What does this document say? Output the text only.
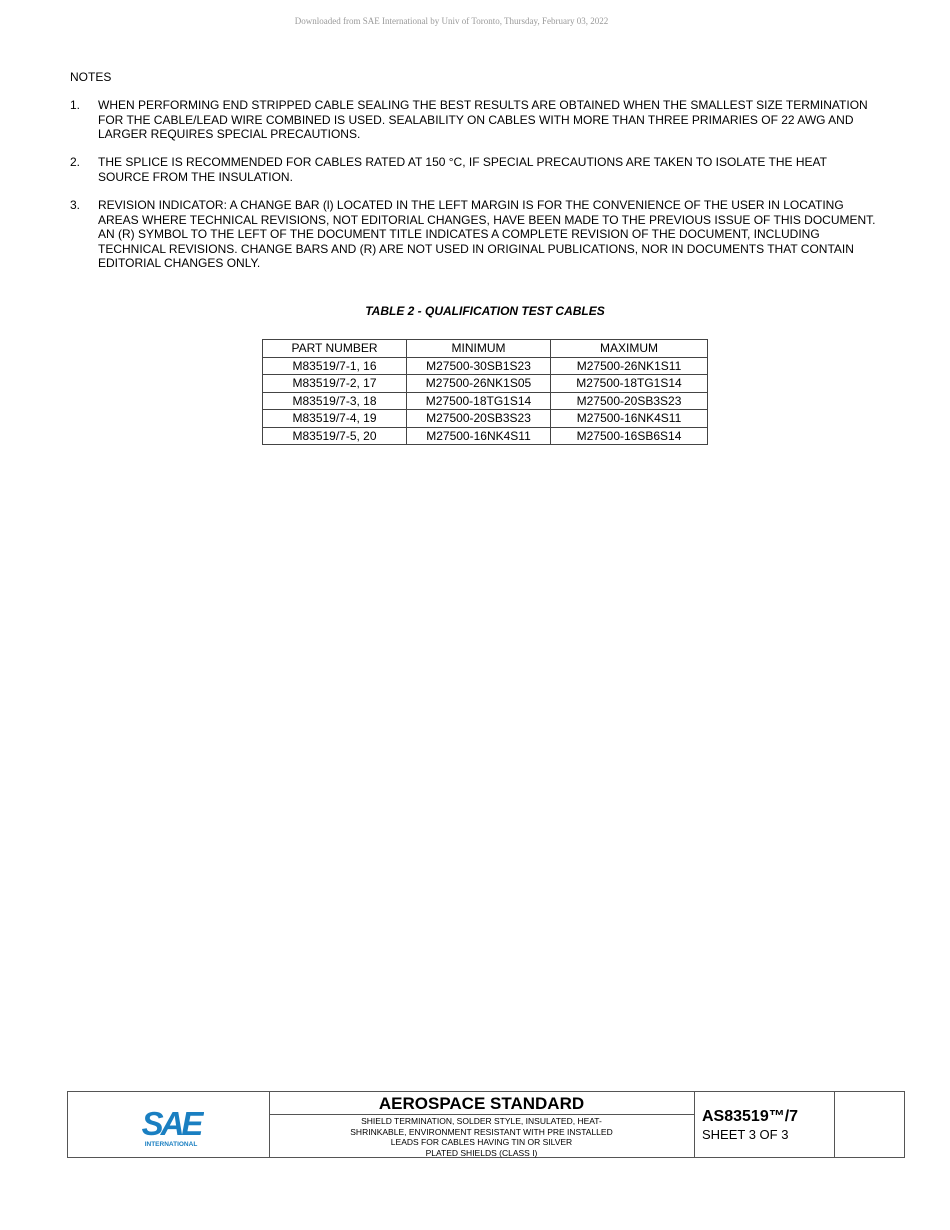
Downloaded from SAE International by Univ of Toronto, Thursday, February 03, 2022
NOTES
1. WHEN PERFORMING END STRIPPED CABLE SEALING THE BEST RESULTS ARE OBTAINED WHEN THE SMALLEST SIZE TERMINATION FOR THE CABLE/LEAD WIRE COMBINED IS USED. SEALABILITY ON CABLES WITH MORE THAN THREE PRIMARIES OF 22 AWG AND LARGER REQUIRES SPECIAL PRECAUTIONS.
2. THE SPLICE IS RECOMMENDED FOR CABLES RATED AT 150 °C, IF SPECIAL PRECAUTIONS ARE TAKEN TO ISOLATE THE HEAT SOURCE FROM THE INSULATION.
3. REVISION INDICATOR: A CHANGE BAR (l) LOCATED IN THE LEFT MARGIN IS FOR THE CONVENIENCE OF THE USER IN LOCATING AREAS WHERE TECHNICAL REVISIONS, NOT EDITORIAL CHANGES, HAVE BEEN MADE TO THE PREVIOUS ISSUE OF THIS DOCUMENT. AN (R) SYMBOL TO THE LEFT OF THE DOCUMENT TITLE INDICATES A COMPLETE REVISION OF THE DOCUMENT, INCLUDING TECHNICAL REVISIONS. CHANGE BARS AND (R) ARE NOT USED IN ORIGINAL PUBLICATIONS, NOR IN DOCUMENTS THAT CONTAIN EDITORIAL CHANGES ONLY.
TABLE 2 - QUALIFICATION TEST CABLES
PART NUMBER	MINIMUM	MAXIMUM
M83519/7-1, 16	M27500-30SB1S23	M27500-26NK1S11
M83519/7-2, 17	M27500-26NK1S05	M27500-18TG1S14
M83519/7-3, 18	M27500-18TG1S14	M27500-20SB3S23
M83519/7-4, 19	M27500-20SB3S23	M27500-16NK4S11
M83519/7-5, 20	M27500-16NK4S11	M27500-16SB6S14
SAE
INTERNATIONAL
AEROSPACE STANDARD
SHIELD TERMINATION, SOLDER STYLE, INSULATED, HEAT-
SHRINKABLE, ENVIRONMENT RESISTANT WITH PRE INSTALLED
LEADS FOR CABLES HAVING TIN OR SILVER
PLATED SHIELDS (CLASS I)
AS83519™/7
SHEET 3 OF 3
